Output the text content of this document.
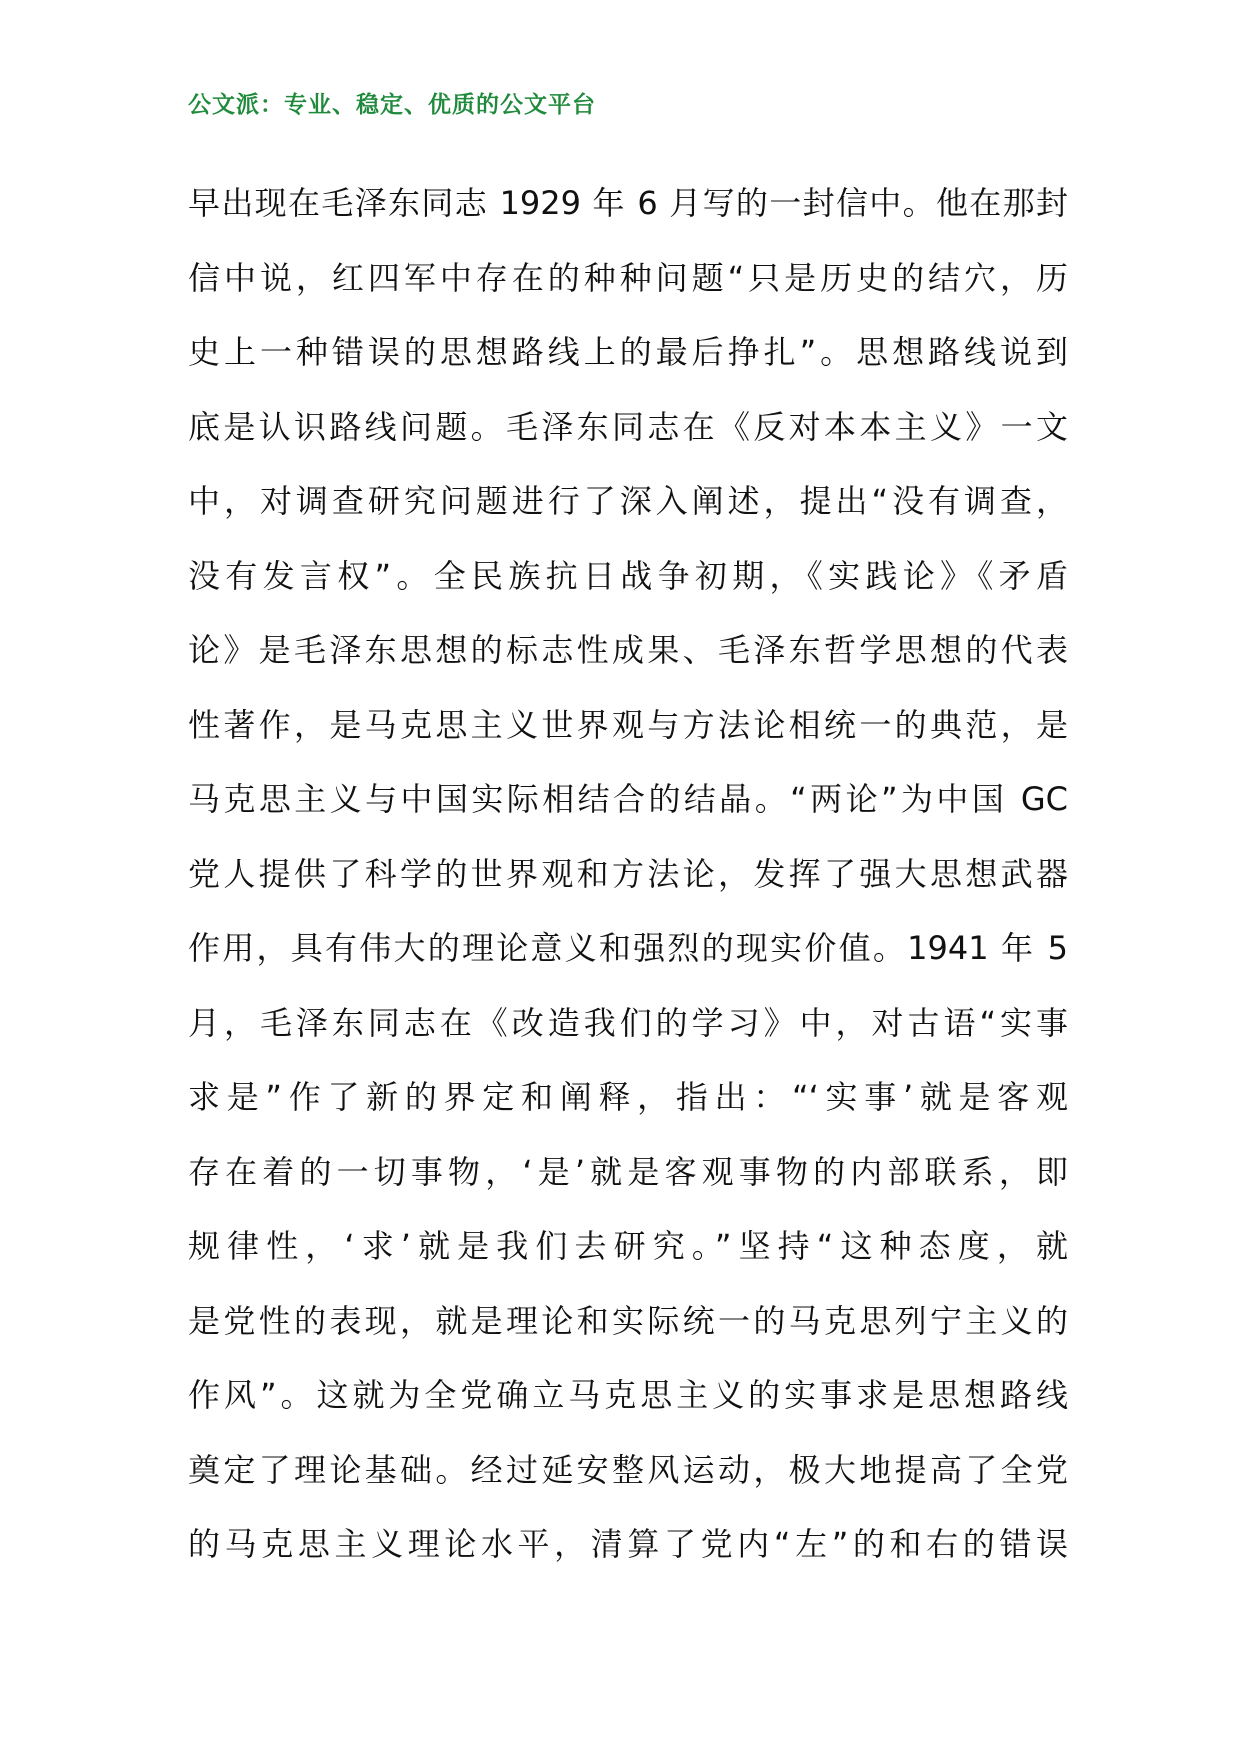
公文派：专业、稳定、优质的公文平台
早出现在毛泽东同志 1929 年 6 月写的一封信中。他在那封
信中说，红四军中存在的种种问题“只是历史的结穴，历
史上一种错误的思想路线上的最后挣扎”。思想路线说到
底是认识路线问题。毛泽东同志在《反对本本主义》一文
中，对调查研究问题进行了深入阐述，提出“没有调查，
没有发言权”。全民族抗日战争初期，《实践论》《矛盾
论》是毛泽东思想的标志性成果、毛泽东哲学思想的代表
性著作，是马克思主义世界观与方法论相统一的典范，是
马克思主义与中国实际相结合的结晶。“两论”为中国 GC
党人提供了科学的世界观和方法论，发挥了强大思想武器
作用，具有伟大的理论意义和强烈的现实价值。1941 年 5
月，毛泽东同志在《改造我们的学习》中，对古语“实事
求是”作了新的界定和阐释，指出：“‘实事’就是客观
存在着的一切事物，‘是’就是客观事物的内部联系，即
规律性，‘求’就是我们去研究。”坚持“这种态度，就
是党性的表现，就是理论和实际统一的马克思列宁主义的
作风”。这就为全党确立马克思主义的实事求是思想路线
奠定了理论基础。经过延安整风运动，极大地提高了全党
的马克思主义理论水平，清算了党内“左”的和右的错误
